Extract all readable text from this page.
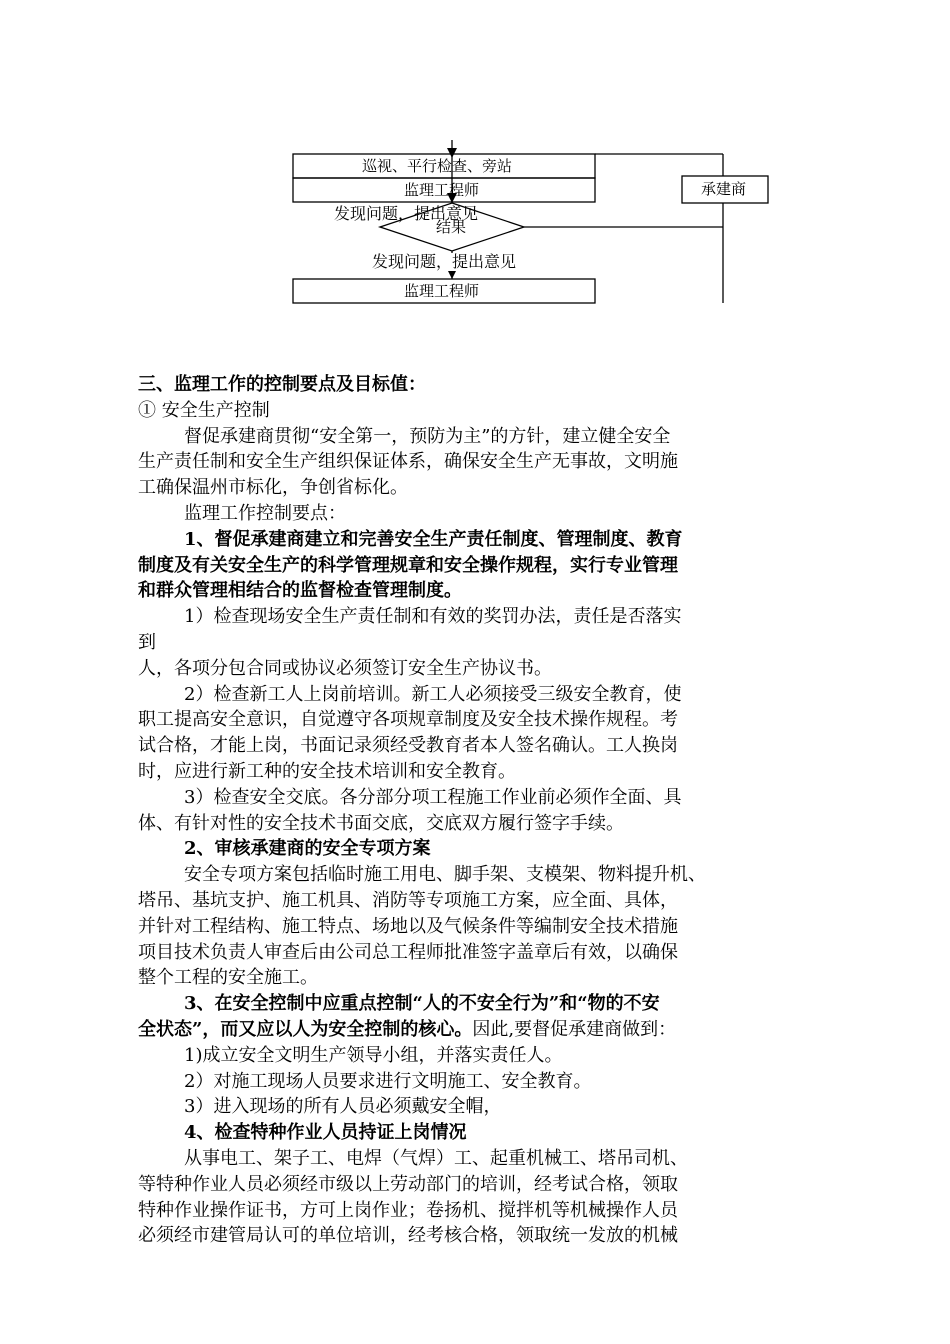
巡视、平行检查、旁站
监理工程师
发现问题，提出意见
结果
发现问题，提出意见
监理工程师
承建商
三、监理工作的控制要点及目标值：
① 安全生产控制
督促承建商贯彻“安全第一，预防为主”的方针，建立健全安全
生产责任制和安全生产组织保证体系，确保安全生产无事故，文明施
工确保温州市标化，争创省标化。
监理工作控制要点：
1、督促承建商建立和完善安全生产责任制度、管理制度、教育
制度及有关安全生产的科学管理规章和安全操作规程，实行专业管理
和群众管理相结合的监督检查管理制度。
1）检查现场安全生产责任制和有效的奖罚办法，责任是否落实
到
人，各项分包合同或协议必须签订安全生产协议书。
2）检查新工人上岗前培训。新工人必须接受三级安全教育，使
职工提高安全意识，自觉遵守各项规章制度及安全技术操作规程。考
试合格，才能上岗，书面记录须经受教育者本人签名确认。工人换岗
时，应进行新工种的安全技术培训和安全教育。
3）检查安全交底。各分部分项工程施工作业前必须作全面、具
体、有针对性的安全技术书面交底，交底双方履行签字手续。
2、审核承建商的安全专项方案
安全专项方案包括临时施工用电、脚手架、支模架、物料提升机、
塔吊、基坑支护、施工机具、消防等专项施工方案，应全面、具体，
并针对工程结构、施工特点、场地以及气候条件等编制安全技术措施
项目技术负责人审查后由公司总工程师批准签字盖章后有效，以确保
整个工程的安全施工。
3、在安全控制中应重点控制“人的不安全行为”和“物的不安
全状态”，而又应以人为安全控制的核心。因此,要督促承建商做到：
1)成立安全文明生产领导小组，并落实责任人。
2）对施工现场人员要求进行文明施工、安全教育。
3）进入现场的所有人员必须戴安全帽，
4、检查特种作业人员持证上岗情况
从事电工、架子工、电焊（气焊）工、起重机械工、塔吊司机、
等特种作业人员必须经市级以上劳动部门的培训，经考试合格，领取
特种作业操作证书，方可上岗作业；卷扬机、搅拌机等机械操作人员
必须经市建管局认可的单位培训，经考核合格，领取统一发放的机械
